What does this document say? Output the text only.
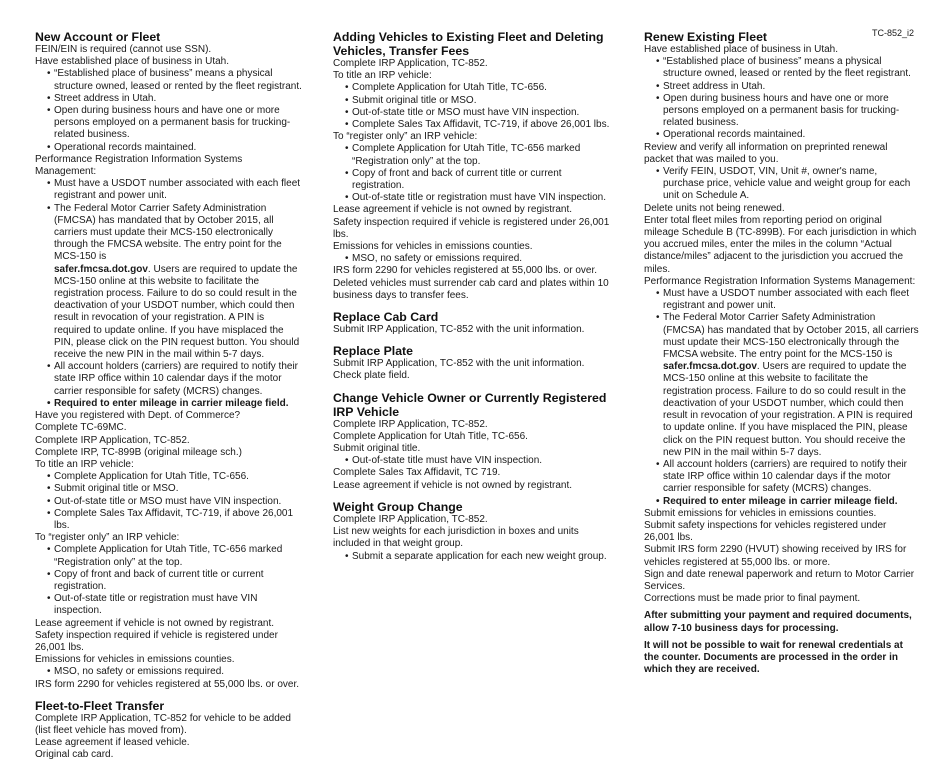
TC-852_i2
New Account or Fleet

FEIN/EIN is required (cannot use SSN).

Have established place of business in Utah.

• “Established place of business” means a physical structure owned, leased or rented by the fleet registrant.
• Street address in Utah.
• Open during business hours and have one or more persons employed on a permanent basis for trucking-related business.
• Operational records maintained.

Performance Registration Information Systems Management:

• Must have a USDOT number associated with each fleet registrant and power unit.
• The Federal Motor Carrier Safety Administration (FMCSA) has mandated that by October 2015, all carriers must update their MCS-150 electronically through the FMCSA website. The entry point for the MCS-150 is
safer.fmcsa.dot.gov. Users are required to update the MCS-150 online at this website to facilitate the registration process. Failure to do so could result in the deactivation of your USDOT number, which could then result in revocation of your registration. A PIN is required to update online. If you have misplaced the PIN, please click on the PIN request button. You should receive the new PIN in the mail within 5-7 days.
• All account holders (carriers) are required to notify their state IRP office within 10 calendar days if the motor carrier responsible for safety (MCRS) changes.
• Required to enter mileage in carrier mileage field.

Have you registered with Dept. of Commerce?

Complete TC-69MC.

Complete IRP Application, TC-852.

Complete IRP, TC-899B (original mileage sch.)

To title an IRP vehicle:

• Complete Application for Utah Title, TC-656.
• Submit original title or MSO.
• Out-of-state title or MSO must have VIN inspection.
• Complete Sales Tax Affidavit, TC-719, if above 26,001 lbs.

To “register only” an IRP vehicle:

• Complete Application for Utah Title, TC-656 marked “Registration only” at the top.
• Copy of front and back of current title or current registration.
• Out-of-state title or registration must have VIN inspection.

Lease agreement if vehicle is not owned by registrant.

Safety inspection required if vehicle is registered under 26,001 lbs.

Emissions for vehicles in emissions counties.

• MSO, no safety or emissions required.

IRS form 2290 for vehicles registered at 55,000 lbs. or over.

Fleet-to-Fleet Transfer

Complete IRP Application, TC-852 for vehicle to be added (list fleet vehicle has moved from).

Lease agreement if leased vehicle.

Original cab card.

Adding Vehicles to Existing Fleet and Deleting Vehicles, Transfer Fees

Complete IRP Application, TC-852.

To title an IRP vehicle:

• Complete Application for Utah Title, TC-656.
• Submit original title or MSO.
• Out-of-state title or MSO must have VIN inspection.
• Complete Sales Tax Affidavit, TC-719, if above 26,001 lbs.

To “register only” an IRP vehicle:

• Complete Application for Utah Title, TC-656 marked “Registration only” at the top.
• Copy of front and back of current title or current registration.
• Out-of-state title or registration must have VIN inspection.

Lease agreement if vehicle is not owned by registrant.

Safety inspection required if vehicle is registered under 26,001 lbs.

Emissions for vehicles in emissions counties.

• MSO, no safety or emissions required.

IRS form 2290 for vehicles registered at 55,000 lbs. or over.

Deleted vehicles must surrender cab card and plates within 10 business days to transfer fees.

Replace Cab Card

Submit IRP Application, TC-852 with the unit information.

Replace Plate

Submit IRP Application, TC-852 with the unit information.

Check plate field.

Change Vehicle Owner or Currently Registered IRP Vehicle

Complete IRP Application, TC-852.

Complete Application for Utah Title, TC-656.

Submit original title.

• Out-of-state title must have VIN inspection.

Complete Sales Tax Affidavit, TC 719.

Lease agreement if vehicle is not owned by registrant.

Weight Group Change

Complete IRP Application, TC-852.

List new weights for each jurisdiction in boxes and units included in that weight group.

• Submit a separate application for each new weight group.
Renew Existing Fleet

Have established place of business in Utah.

• “Established place of business” means a physical structure owned, leased or rented by the fleet registrant.
• Street address in Utah.
• Open during business hours and have one or more persons employed on a permanent basis for trucking-related business.
• Operational records maintained.

Review and verify all information on preprinted renewal packet that was mailed to you.

• Verify FEIN, USDOT, VIN, Unit #, owner's name, purchase price, vehicle value and weight group for each unit on Schedule A.

Delete units not being renewed.

Enter total fleet miles from reporting period on original mileage Schedule B (TC-899B). For each jurisdiction in which you accrued miles, enter the miles in the column “Actual distance/miles” adjacent to the jurisdiction you accrued the miles.

Performance Registration Information Systems Management:

• Must have a USDOT number associated with each fleet registrant and power unit.
• The Federal Motor Carrier Safety Administration (FMCSA) has mandated that by October 2015, all carriers must update their MCS-150 electronically through the FMCSA website. The entry point for the MCS-150 is
safer.fmcsa.dot.gov. Users are required to update the MCS-150 online at this website to facilitate the registration process. Failure to do so could result in the deactivation of your USDOT number, which could then result in revocation of your registration. A PIN is required to update online. If you have misplaced the PIN, please click on the PIN request button. You should receive the new PIN in the mail within 5-7 days.
• All account holders (carriers) are required to notify their state IRP office within 10 calendar days if the motor carrier responsible for safety (MCRS) changes.
• Required to enter mileage in carrier mileage field.

Submit emissions for vehicles in emissions counties.

Submit safety inspections for vehicles registered under 26,001 lbs.

Submit IRS form 2290 (HVUT) showing received by IRS for vehicles registered at 55,000 lbs. or more.

Sign and date renewal paperwork and return to Motor Carrier Services.

Corrections must be made prior to final payment.

After submitting your payment and required documents, allow 7-10 business days for processing.

It will not be possible to wait for renewal credentials at the counter. Documents are processed in the order in which they are received.
